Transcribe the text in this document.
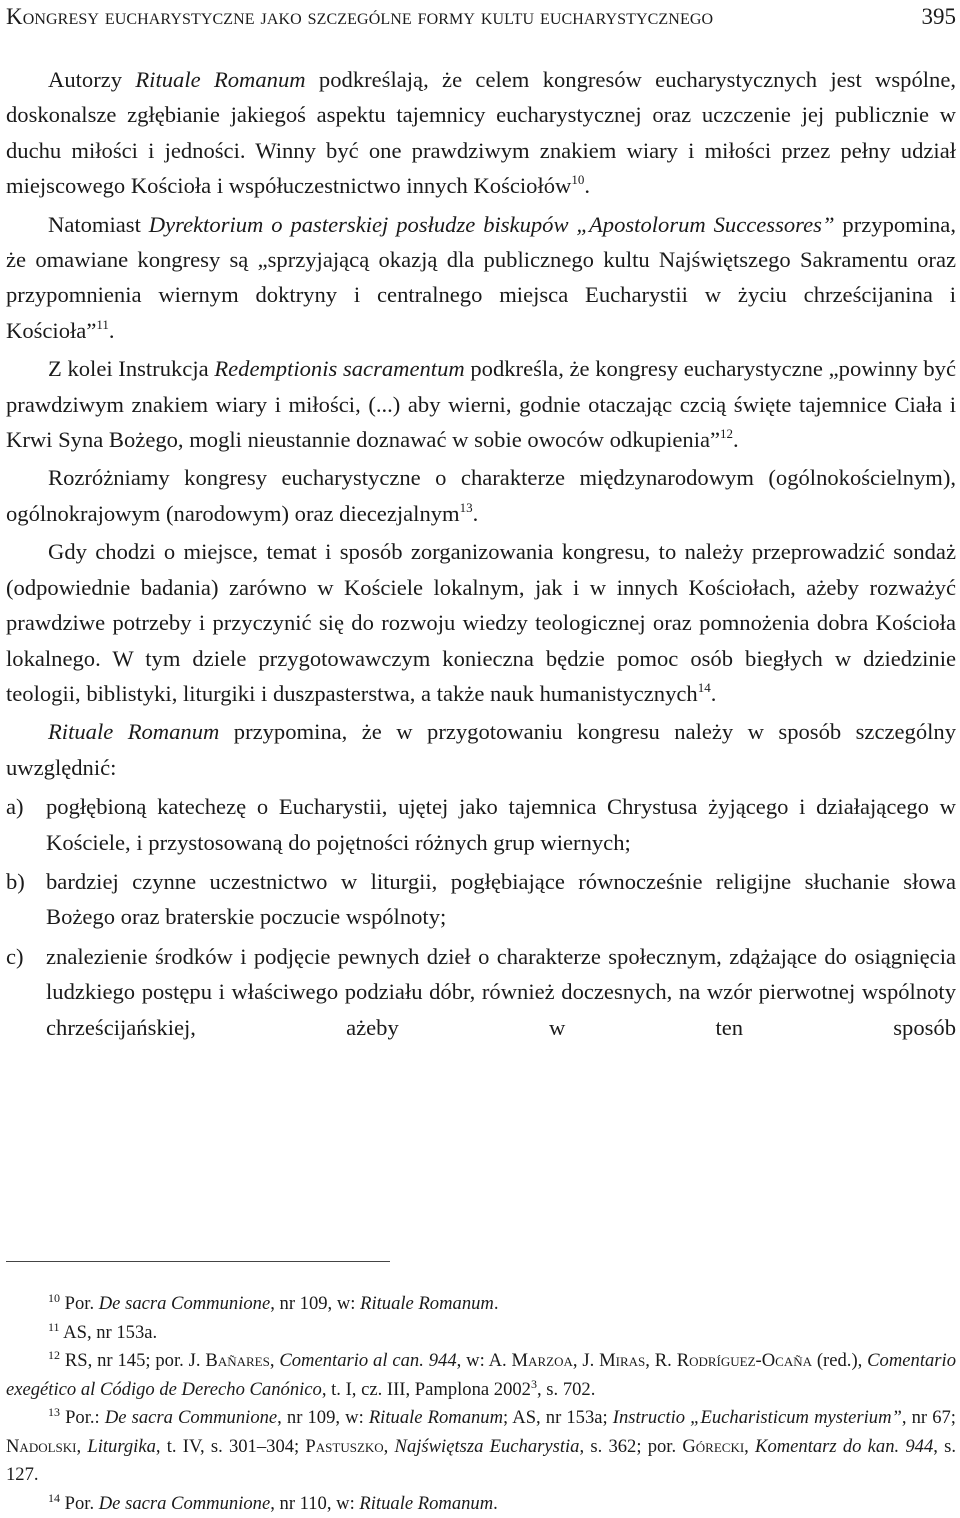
Kongresy eucharystyczne jako szczególne formy kultu eucharystycznego	395

Autorzy Rituale Romanum podkreślają, że celem kongresów eucharystycznych jest wspólne, doskonalsze zgłębianie jakiegoś aspektu tajemnicy eucharystycznej oraz uczczenie jej publicznie w duchu miłości i jedności. Winny być one prawdziwym znakiem wiary i miłości przez pełny udział miejscowego Kościoła i współuczestnictwo innych Kościołów$^{10}$.

Natomiast Dyrektorium o pasterskiej posłudze biskupów „Apostolorum Successores” przypomina, że omawiane kongresy są „sprzyjającą okazją dla publicznego kultu Najświętszego Sakramentu oraz przypomnienia wiernym doktryny i centralnego miejsca Eucharystii w życiu chrześcijanina i Kościoła”$^{11}$.

Z kolei Instrukcja Redemptionis sacramentum podkreśla, że kongresy eucharystyczne „powinny być prawdziwym znakiem wiary i miłości, (...) aby wierni, godnie otaczając czcią święte tajemnice Ciała i Krwi Syna Bożego, mogli nieustannie doznawać w sobie owoców odkupienia”$^{12}$.

Rozróżniamy kongresy eucharystyczne o charakterze międzynarodowym (ogólnokościelnym), ogólnokrajowym (narodowym) oraz diecezjalnym$^{13}$.

Gdy chodzi o miejsce, temat i sposób zorganizowania kongresu, to należy przeprowadzić sondaż (odpowiednie badania) zarówno w Kościele lokalnym, jak i w innych Kościołach, ażeby rozważyć prawdziwe potrzeby i przyczynić się do rozwoju wiedzy teologicznej oraz pomnożenia dobra Kościoła lokalnego. W tym dziele przygotowawczym konieczna będzie pomoc osób biegłych w dziedzinie teologii, biblistyki, liturgiki i duszpasterstwa, a także nauk humanistycznych$^{14}$.

Rituale Romanum przypomina, że w przygotowaniu kongresu należy w sposób szczególny uwzględnić:

a) pogłębioną katechezę o Eucharystii, ujętej jako tajemnica Chrystusa żyjącego i działającego w Kościele, i przystosowaną do pojętności różnych grup wiernych;
b) bardziej czynne uczestnictwo w liturgii, pogłębiające równocześnie religijne słuchanie słowa Bożego oraz braterskie poczucie wspólnoty;
c) znalezienie środków i podjęcie pewnych dzieł o charakterze społecznym, zdążające do osiągnięcia ludzkiego postępu i właściwego podziału dóbr, również doczesnych, na wzór pierwotnej wspólnoty chrześcijańskiej, ażeby w ten sposób

$^{10}$ Por. De sacra Communione, nr 109, w: Rituale Romanum.

$^{11}$ AS, nr 153a.

$^{12}$ RS, nr 145; por. J. Bañares, Comentario al can. 944, w: A. Marzoa, J. Miras, R. Rodríguez-Ocaña (red.), Comentario exegético al Código de Derecho Canónico, t. I, cz. III, Pamplona 2002$^3$, s. 702.

$^{13}$ Por.: De sacra Communione, nr 109, w: Rituale Romanum; AS, nr 153a; Instructio „Eucharisticum mysterium”, nr 67; Nadolski, Liturgika, t. IV, s. 301–304; Pastuszko, Najświętsza Eucharystia, s. 362; por. Górecki, Komentarz do kan. 944, s. 127.

$^{14}$ Por. De sacra Communione, nr 110, w: Rituale Romanum.
